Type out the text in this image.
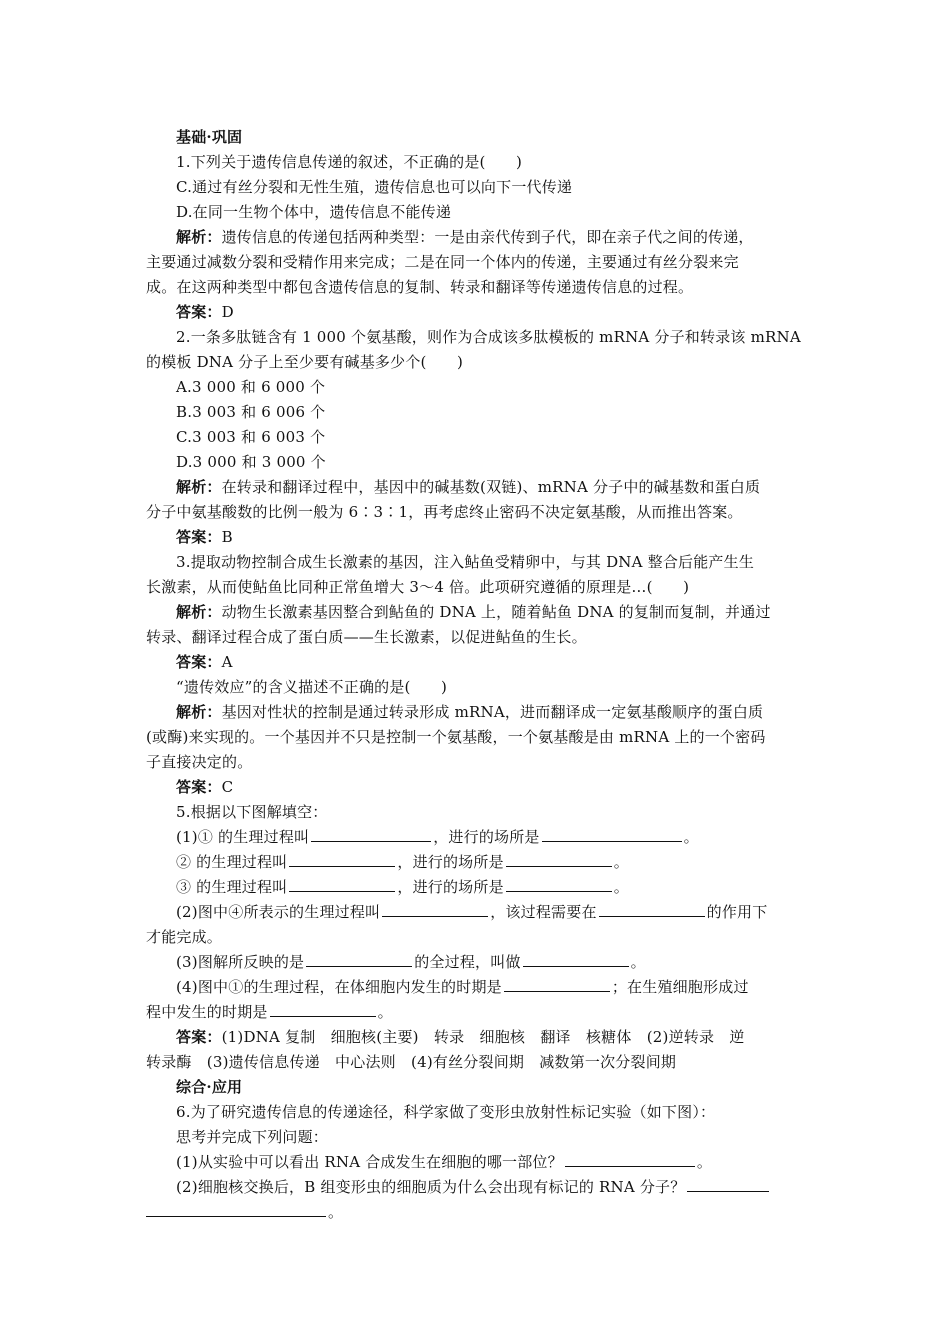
基础·巩固
1.下列关于遗传信息传递的叙述，不正确的是(　　)
C.通过有丝分裂和无性生殖，遗传信息也可以向下一代传递
D.在同一生物个体中，遗传信息不能传递
解析：遗传信息的传递包括两种类型：一是由亲代传到子代，即在亲子代之间的传递，
主要通过减数分裂和受精作用来完成；二是在同一个体内的传递，主要通过有丝分裂来完
成。在这两种类型中都包含遗传信息的复制、转录和翻译等传递遗传信息的过程。
答案：D
2.一条多肽链含有 1 000 个氨基酸，则作为合成该多肽模板的 mRNA 分子和转录该 mRNA
的模板 DNA 分子上至少要有碱基多少个(　　)
A.3 000 和 6 000 个
B.3 003 和 6 006 个
C.3 003 和 6 003 个
D.3 000 和 3 000 个
解析：在转录和翻译过程中，基因中的碱基数(双链)、mRNA 分子中的碱基数和蛋白质
分子中氨基酸数的比例一般为 6∶3∶1，再考虑终止密码不决定氨基酸，从而推出答案。
答案：B
3.提取动物控制合成生长激素的基因，注入鲇鱼受精卵中，与其 DNA 整合后能产生生
长激素，从而使鲇鱼比同种正常鱼增大 3～4 倍。此项研究遵循的原理是…(　　)
解析：动物生长激素基因整合到鲇鱼的 DNA 上，随着鲇鱼 DNA 的复制而复制，并通过
转录、翻译过程合成了蛋白质——生长激素，以促进鲇鱼的生长。
答案：A
“遗传效应”的含义描述不正确的是(　　)
解析：基因对性状的控制是通过转录形成 mRNA，进而翻译成一定氨基酸顺序的蛋白质
(或酶)来实现的。一个基因并不只是控制一个氨基酸，一个氨基酸是由 mRNA 上的一个密码
子直接决定的。
答案：C
5.根据以下图解填空：
(1)① 的生理过程叫	，进行的场所是	。
② 的生理过程叫	，进行的场所是	。
③ 的生理过程叫	，进行的场所是	。
(2)图中④所表示的生理过程叫	，该过程需要在	的作用下
才能完成。
(3)图解所反映的是	的全过程，叫做	。
(4)图中①的生理过程，在体细胞内发生的时期是	；在生殖细胞形成过
程中发生的时期是	。
答案：(1)DNA 复制　细胞核(主要)　转录　细胞核　翻译　核糖体　(2)逆转录　逆
转录酶　(3)遗传信息传递　中心法则　(4)有丝分裂间期　减数第一次分裂间期
综合·应用
6.为了研究遗传信息的传递途径，科学家做了变形虫放射性标记实验（如下图）：
思考并完成下列问题：
(1)从实验中可以看出 RNA 合成发生在细胞的哪一部位？	。
(2)细胞核交换后，B 组变形虫的细胞质为什么会出现有标记的 RNA 分子？
。
